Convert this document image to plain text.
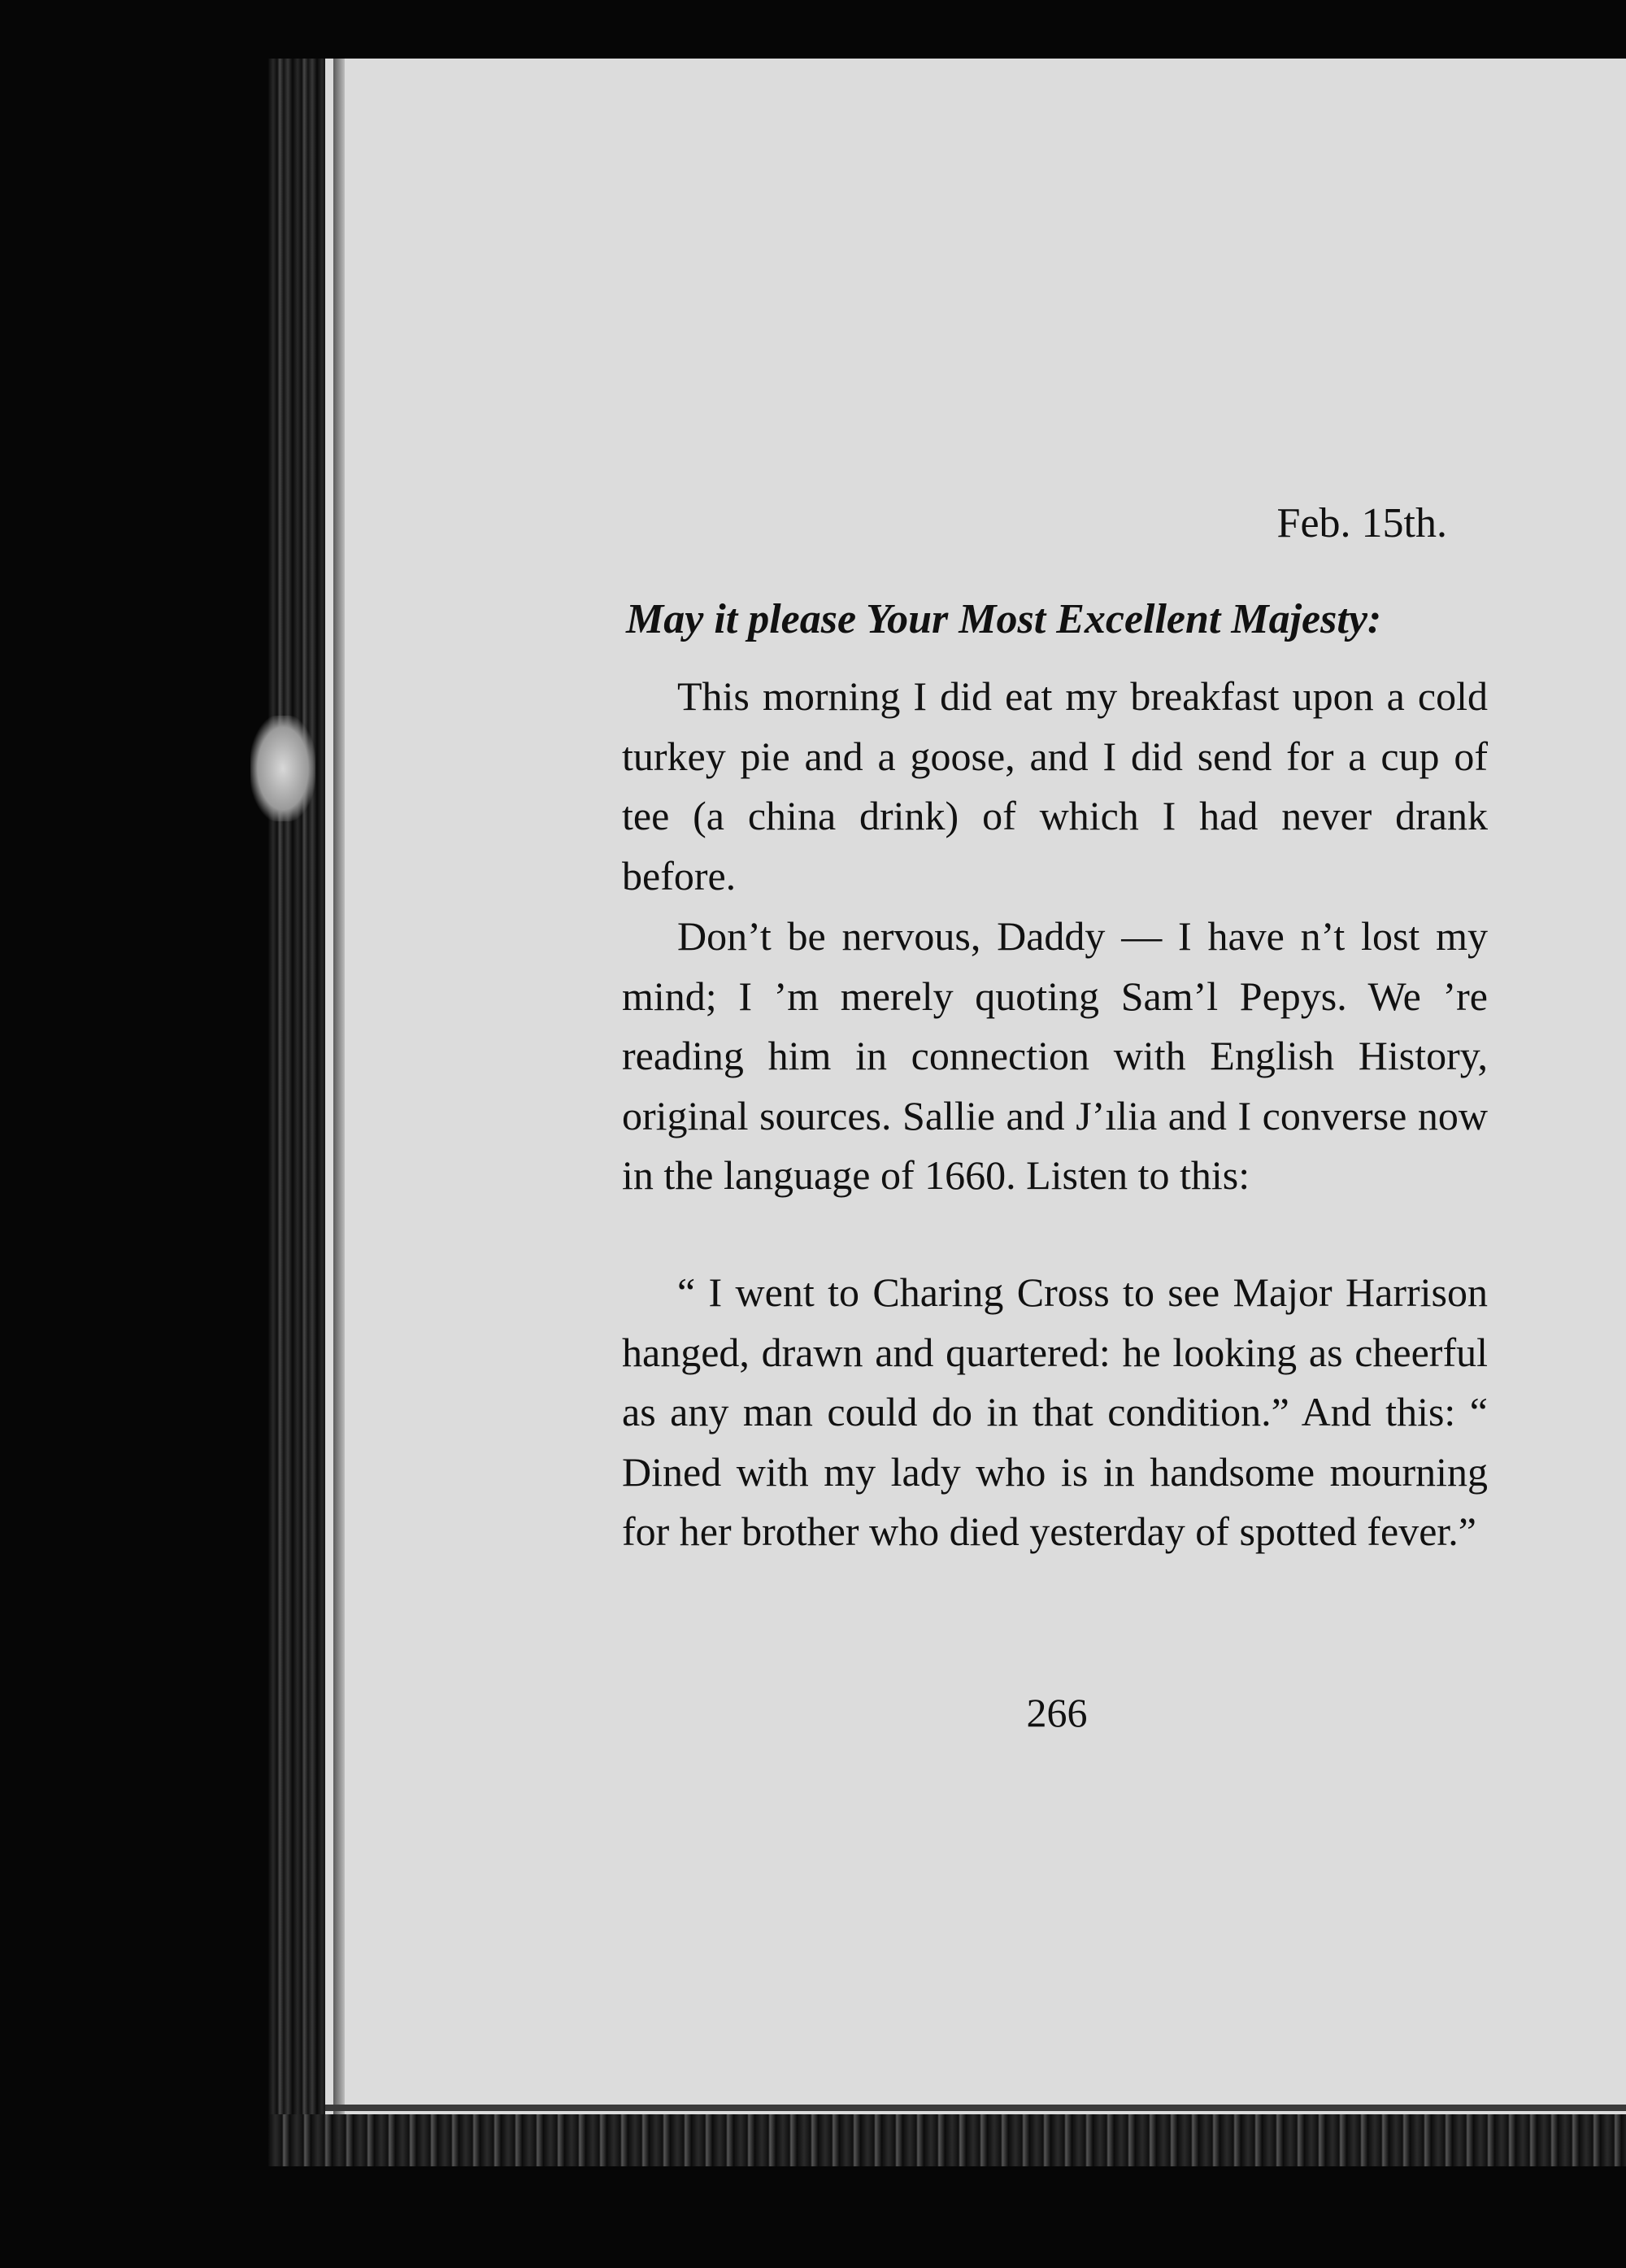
Feb. 15th.
May it please Your Most Excellent Majesty:

This morning I did eat my breakfast upon a cold turkey pie and a goose, and I did send for a cup of tee (a china drink) of which I had never drank before.

Don’t be nervous, Daddy — I have n’t lost my mind; I ’m merely quoting Sam’l Pepys. We ’re reading him in connection with English History, original sources. Sallie and J’ılia and I converse now in the language of 1660. Listen to this:

“ I went to Charing Cross to see Major Harrison hanged, drawn and quartered: he looking as cheerful as any man could do in that condition.” And this: “ Dined with my lady who is in handsome mourning for her brother who died yesterday of spotted fever.”

266
